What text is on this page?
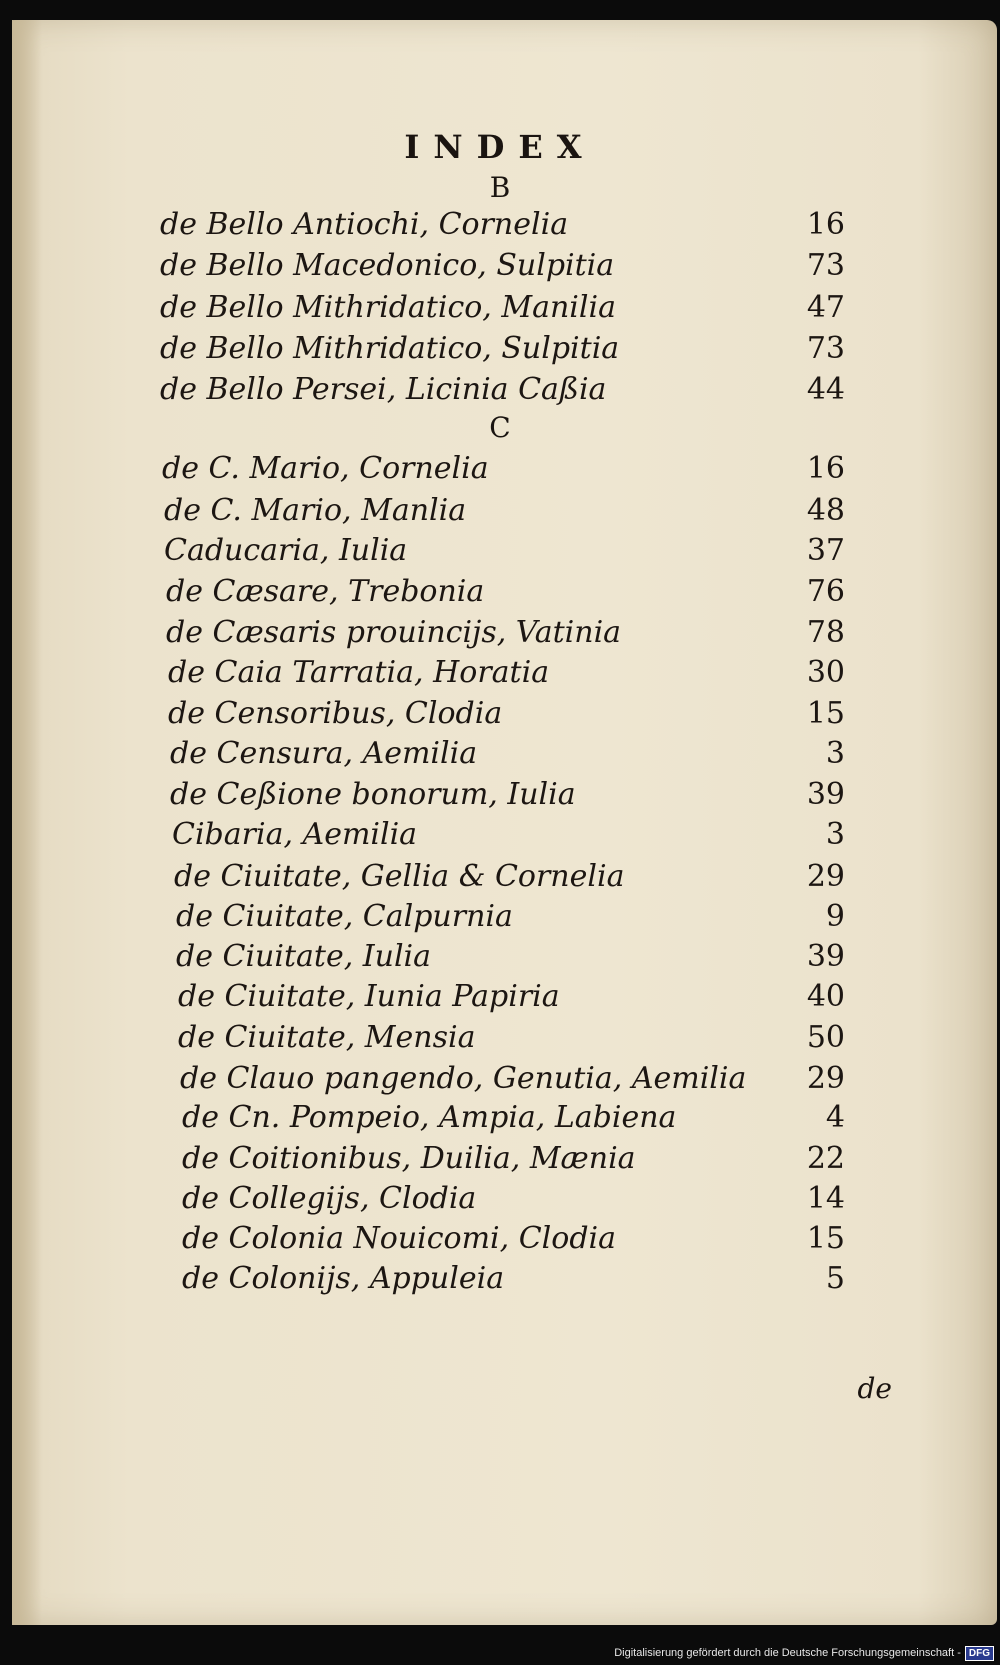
INDEX
B
de Bello Antiochi, Cornelia	16
de Bello Macedonico, Sulpitia	73
de Bello Mithridatico, Manilia	47
de Bello Mithridatico, Sulpitia	73
de Bello Persei, Licinia Caßia	44
C
de C. Mario, Cornelia	16
de C. Mario, Manlia	48
Caducaria, Iulia	37
de Cæsare, Trebonia	76
de Cæsaris prouincijs, Vatinia	78
de Caia Tarratia, Horatia	30
de Censoribus, Clodia	15
de Censura, Aemilia	3
de Ceßione bonorum, Iulia	39
Cibaria, Aemilia	3
de Ciuitate, Gellia & Cornelia	29
de Ciuitate, Calpurnia	9
de Ciuitate, Iulia	39
de Ciuitate, Iunia Papiria	40
de Ciuitate, Mensia	50
de Clauo pangendo, Genutia, Aemilia 29
de Cn. Pompeio, Ampia, Labiena	4
de Coitionibus, Duilia, Mænia	22
de Collegijs, Clodia	14
de Colonia Nouicomi, Clodia	15
de Colonijs, Appuleia	5
de
Digitalisierung gefördert durch die Deutsche Forschungsgemeinschaft - DFG
